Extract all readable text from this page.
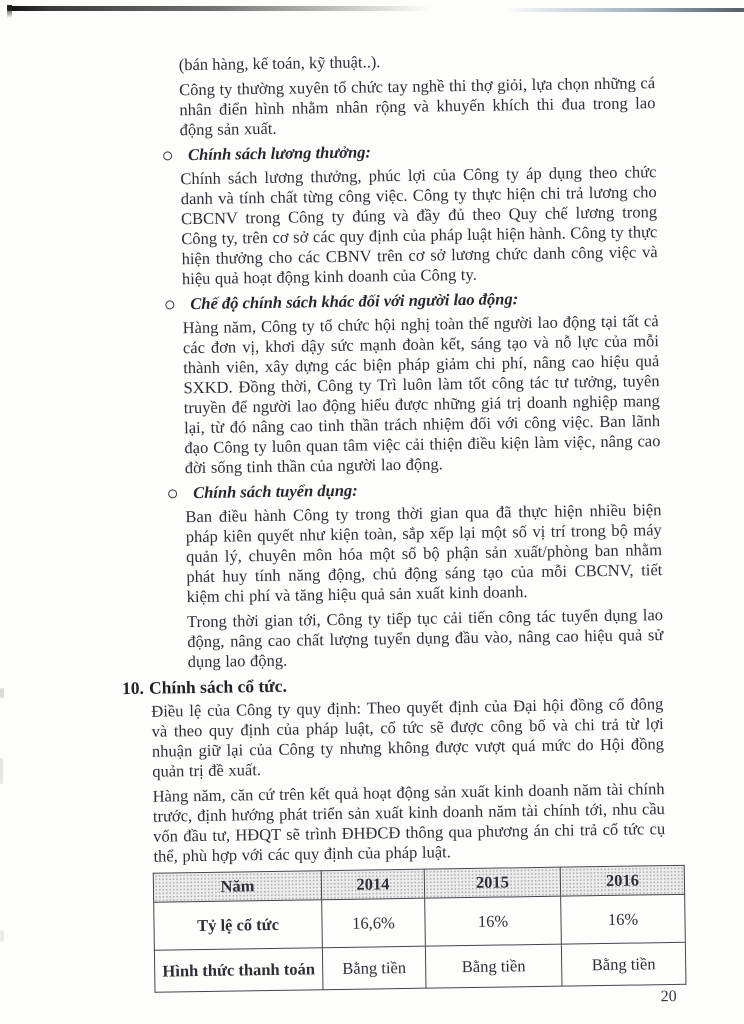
(bán hàng, kế toán, kỹ thuật..).

Công ty thường xuyên tổ chức tay nghề thi thợ giỏi, lựa chọn những cá nhân điển hình nhằm nhân rộng và khuyến khích thi đua trong lao động sản xuất.

Chính sách lương thưởng:

Chính sách lương thưởng, phúc lợi của Công ty áp dụng theo chức danh và tính chất từng công việc. Công ty thực hiện chi trả lương cho CBCNV trong Công ty đúng và đầy đủ theo Quy chế lương trong Công ty, trên cơ sở các quy định của pháp luật hiện hành. Công ty thực hiện thưởng cho các CBNV trên cơ sở lương chức danh công việc và hiệu quả hoạt động kinh doanh của Công ty.

Chế độ chính sách khác đối với người lao động:

Hàng năm, Công ty tổ chức hội nghị toàn thể người lao động tại tất cả các đơn vị, khơi dậy sức mạnh đoàn kết, sáng tạo và nỗ lực của mỗi thành viên, xây dựng các biện pháp giảm chi phí, nâng cao hiệu quả SXKD. Đồng thời, Công ty Trì luôn làm tốt công tác tư tưởng, tuyên truyền để người lao động hiểu được những giá trị doanh nghiệp mang lại, từ đó nâng cao tinh thần trách nhiệm đối với công việc. Ban lãnh đạo Công ty luôn quan tâm việc cải thiện điều kiện làm việc, nâng cao đời sống tinh thần của người lao động.

Chính sách tuyển dụng:

Ban điều hành Công ty trong thời gian qua đã thực hiện nhiều biện pháp kiên quyết như kiện toàn, sắp xếp lại một số vị trí trong bộ máy quản lý, chuyên môn hóa một số bộ phận sản xuất/phòng ban nhằm phát huy tính năng động, chủ động sáng tạo của mỗi CBCNV, tiết kiệm chi phí và tăng hiệu quả sản xuất kinh doanh.

Trong thời gian tới, Công ty tiếp tục cải tiến công tác tuyển dụng lao động, nâng cao chất lượng tuyển dụng đầu vào, nâng cao hiệu quả sử dụng lao động.

10. Chính sách cổ tức.

Điều lệ của Công ty quy định: Theo quyết định của Đại hội đồng cổ đông và theo quy định của pháp luật, cổ tức sẽ được công bố và chi trả từ lợi nhuận giữ lại của Công ty nhưng không được vượt quá mức do Hội đồng quản trị đề xuất.

Hàng năm, căn cứ trên kết quả hoạt động sản xuất kinh doanh năm tài chính trước, định hướng phát triển sản xuất kinh doanh năm tài chính tới, nhu cầu vốn đầu tư, HĐQT sẽ trình ĐHĐCĐ thông qua phương án chi trả cổ tức cụ thể, phù hợp với các quy định của pháp luật.

Năm	2014	2015	2016
Tỷ lệ cổ tức	16,6%	16%	16%
Hình thức thanh toán	Bằng tiền	Bằng tiền	Bằng tiền
20
